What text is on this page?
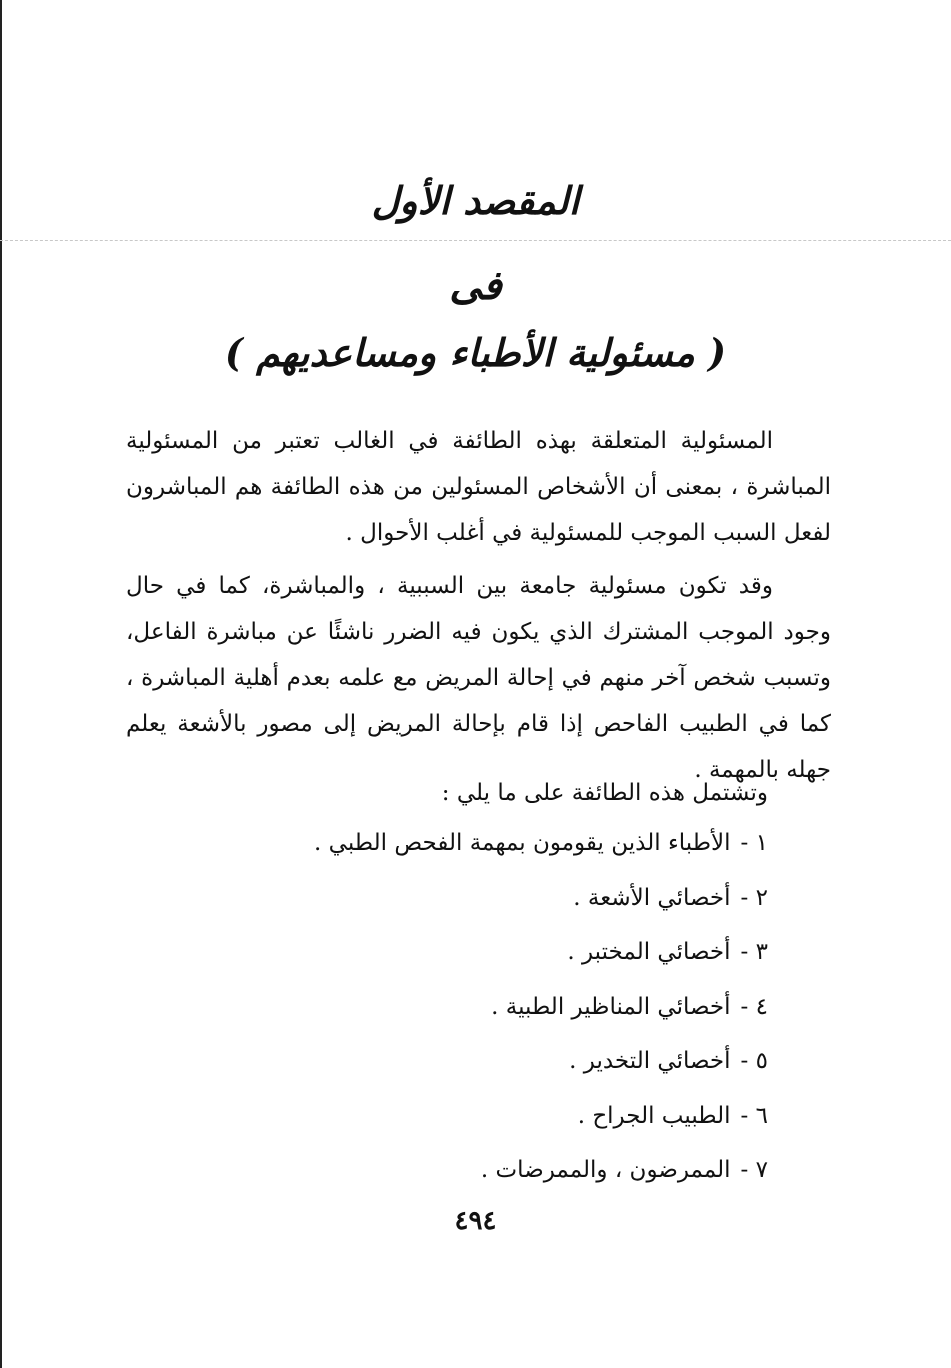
المقصد الأول
فى
( مسئولية الأطباء ومساعديهم )

المسئولية المتعلقة بهذه الطائفة في الغالب تعتبر من المسئولية المباشرة ، بمعنى أن الأشخاص المسئولين من هذه الطائفة هم المباشرون لفعل السبب الموجب للمسئولية في أغلب الأحوال .

وقد تكون مسئولية جامعة بين السببية ، والمباشرة، كما في حال وجود الموجب المشترك الذي يكون فيه الضرر ناشئًا عن مباشرة الفاعل، وتسبب شخص آخر منهم في إحالة المريض مع علمه بعدم أهلية المباشرة ، كما في الطبيب الفاحص إذا قام بإحالة المريض إلى مصور بالأشعة يعلم جهله بالمهمة .

وتشتمل هذه الطائفة على ما يلي :
١ -الأطباء الذين يقومون بمهمة الفحص الطبي .
٢ -أخصائي الأشعة .
٣ -أخصائي المختبر .
٤ -أخصائي المناظير الطبية .
٥ -أخصائي التخدير .
٦ -الطبيب الجراح .
٧ -الممرضون ، والممرضات .
٤٩٤
